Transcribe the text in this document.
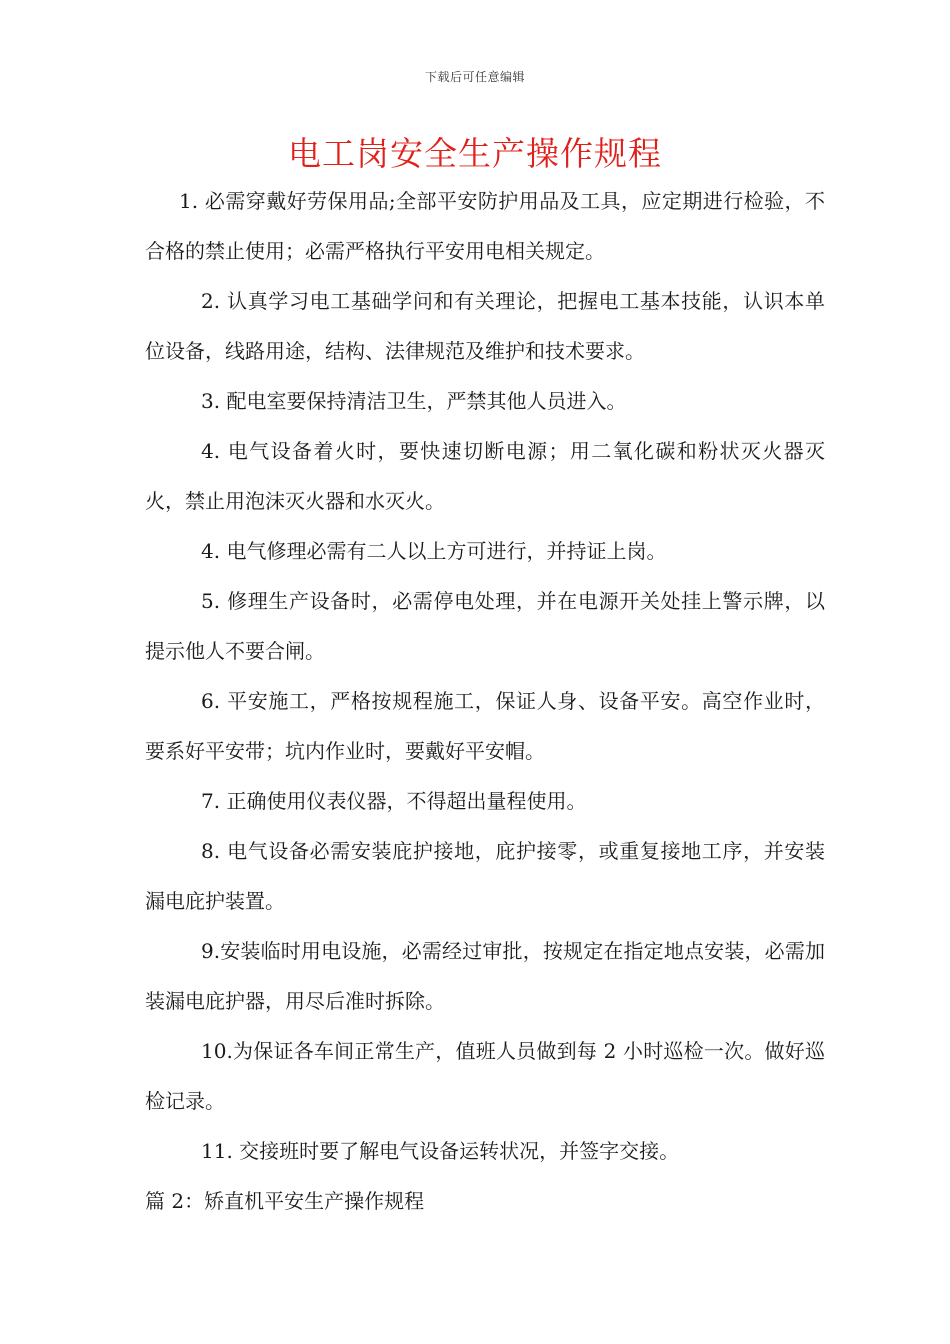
下载后可任意编辑
电工岗安全生产操作规程

1. 必需穿戴好劳保用品;全部平安防护用品及工具，应定期进行检验，不合格的禁止使用；必需严格执行平安用电相关规定。

2. 认真学习电工基础学问和有关理论，把握电工基本技能，认识本单位设备，线路用途，结构、法律规范及维护和技术要求。

3. 配电室要保持清洁卫生，严禁其他人员进入。

4. 电气设备着火时，要快速切断电源；用二氧化碳和粉状灭火器灭火，禁止用泡沫灭火器和水灭火。

4. 电气修理必需有二人以上方可进行，并持证上岗。

5. 修理生产设备时，必需停电处理，并在电源开关处挂上警示牌，以提示他人不要合闸。

6. 平安施工，严格按规程施工，保证人身、设备平安。高空作业时，要系好平安带；坑内作业时，要戴好平安帽。

7. 正确使用仪表仪器，不得超出量程使用。

8. 电气设备必需安装庇护接地，庇护接零，或重复接地工序，并安装漏电庇护装置。

9.安装临时用电设施，必需经过审批，按规定在指定地点安装，必需加装漏电庇护器，用尽后准时拆除。

10.为保证各车间正常生产，值班人员做到每 2 小时巡检一次。做好巡检记录。

11. 交接班时要了解电气设备运转状况，并签字交接。

篇 2：矫直机平安生产操作规程
